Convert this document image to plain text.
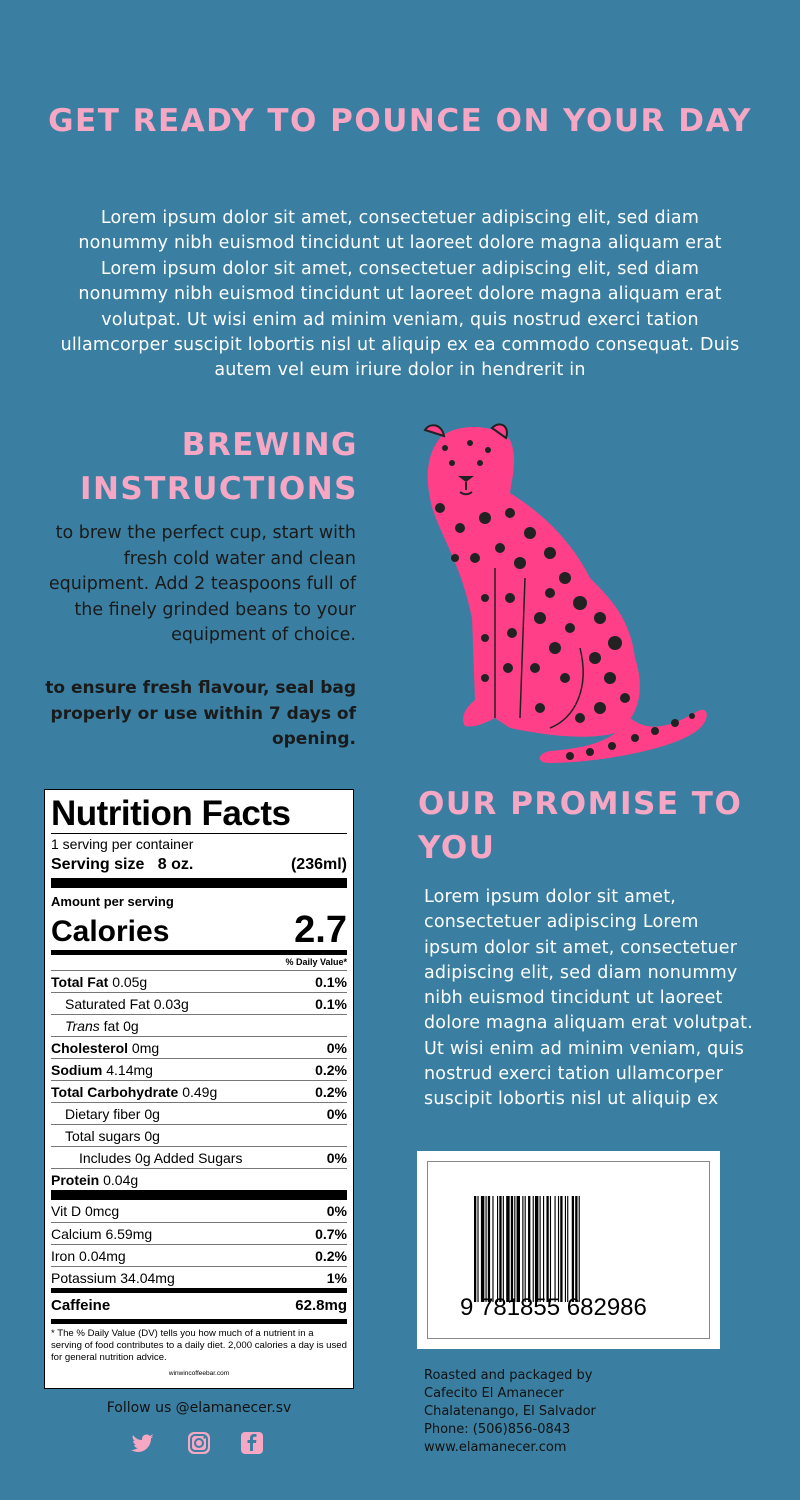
GET READY TO POUNCE ON YOUR DAY
Lorem ipsum dolor sit amet, consectetuer adipiscing elit, sed diam nonummy nibh euismod tincidunt ut laoreet dolore magna aliquam erat Lorem ipsum dolor sit amet, consectetuer adipiscing elit, sed diam nonummy nibh euismod tincidunt ut laoreet dolore magna aliquam erat volutpat. Ut wisi enim ad minim veniam, quis nostrud exerci tation ullamcorper suscipit lobortis nisl ut aliquip ex ea commodo consequat. Duis autem vel eum iriure dolor in hendrerit in
BREWING INSTRUCTIONS
to brew the perfect cup, start with fresh cold water and clean equipment. Add 2 teaspoons full of the finely grinded beans to your equipment of choice.
to ensure fresh flavour, seal bag properly or use within 7 days of opening.
OUR PROMISE TO YOU
Lorem ipsum dolor sit amet, consectetuer adipiscing Lorem ipsum dolor sit amet, consectetuer adipiscing elit, sed diam nonummy nibh euismod tincidunt ut laoreet dolore magna aliquam erat volutpat. Ut wisi enim ad minim veniam, quis nostrud exerci tation ullamcorper suscipit lobortis nisl ut aliquip ex
Nutrition Facts
1 serving per container
Serving size 8 oz.	(236ml)
Amount per serving
Calories	2.7
% Daily Value*
Total Fat 0.05g	0.1%
Saturated Fat 0.03g	0.1%
Trans fat 0g
Cholesterol 0mg	0%
Sodium 4.14mg	0.2%
Total Carbohydrate 0.49g	0.2%
Dietary fiber 0g	0%
Total sugars 0g
Includes 0g Added Sugars	0%
Protein 0.04g
Vit D 0mcg	0%
Calcium 6.59mg	0.7%
Iron 0.04mg	0.2%
Potassium 34.04mg	1%
Caffeine	62.8mg
* The % Daily Value (DV) tells you how much of a nutrient in a serving of food contributes to a daily diet. 2,000 calories a day is used for general nutrition advice.
winwincoffeebar.com
9 781855 682986
Roasted and packaged by
Cafecito El Amanecer
Chalatenango, El Salvador
Phone: (506)856-0843
www.elamanecer.com
Follow us @elamanecer.sv
